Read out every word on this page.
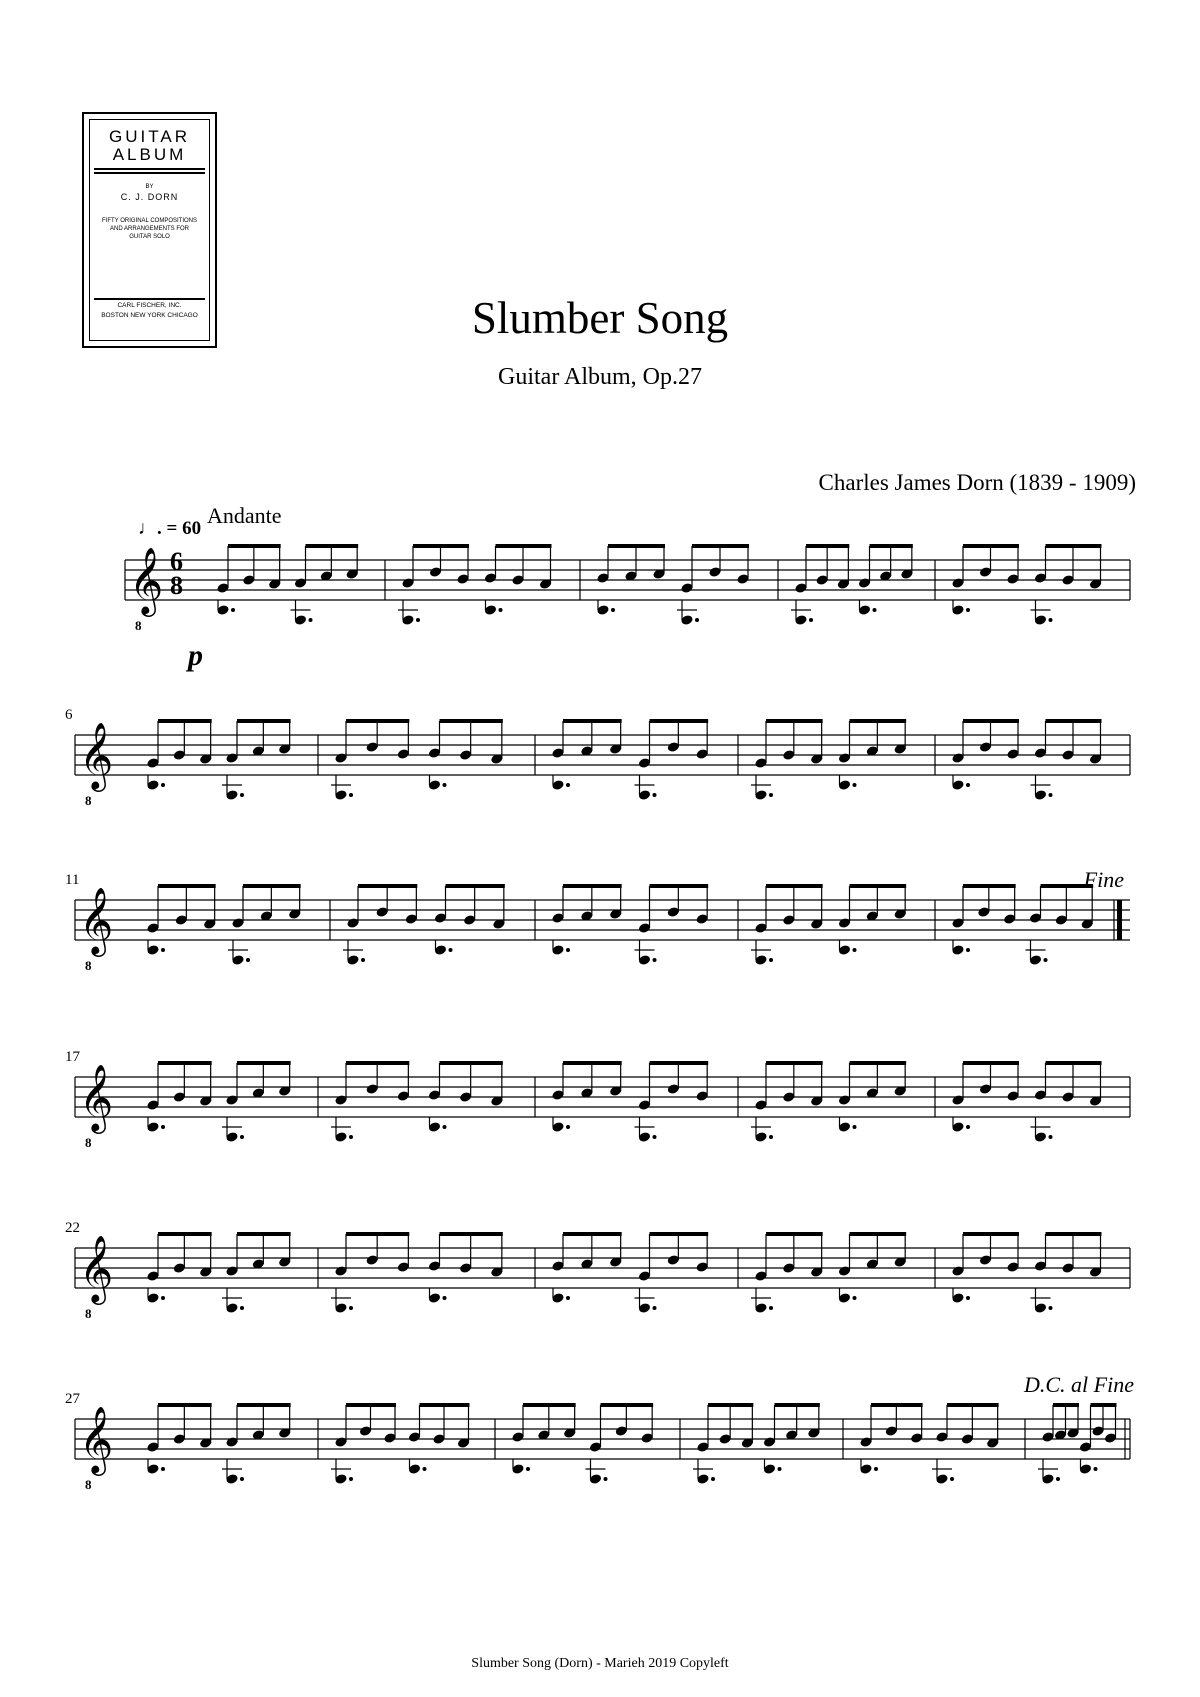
GUITAR
ALBUM
BY
C. J. DORN
FIFTY ORIGINAL COMPOSITIONS
AND ARRANGEMENTS FOR
GUITAR SOLO
CARL FISCHER, INC.
BOSTON NEW YORK CHICAGO	Slumber Song
Guitar Album, Op.27
Charles James Dorn (1839 - 1909)
Andante
♩. = 60
𝄞
8
𝄞
8
6
𝄞
8
11
𝄞
8
17
𝄞
8
22
𝄞
8
27
6
8
p
Fine
D.C. al Fine
Slumber Song (Dorn) - Marieh 2019 Copyleft
